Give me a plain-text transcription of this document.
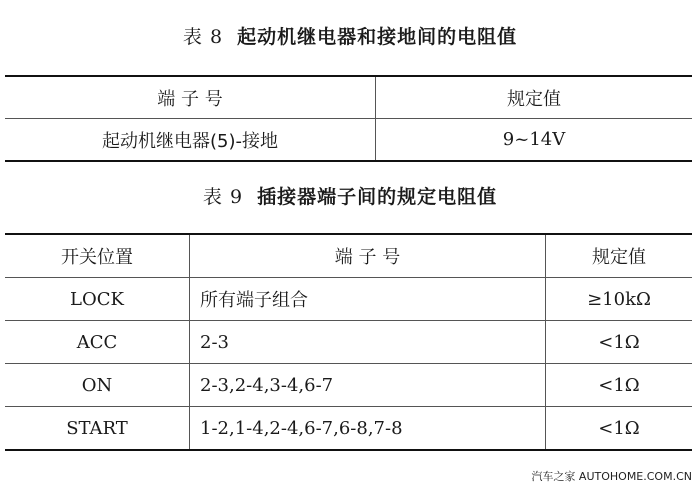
表 8 起动机继电器和接地间的电阻值
端 子 号	规定值
起动机继电器(5)-接地	9~14V
表 9 插接器端子间的规定电阻值
开关位置	端 子 号	规定值
LOCK	所有端子组合	≥10kΩ
ACC	2-3	<1Ω
ON	2-3,2-4,3-4,6-7	<1Ω
START	1-2,1-4,2-4,6-7,6-8,7-8	<1Ω
汽车之家 AUTOHOME.COM.CN
